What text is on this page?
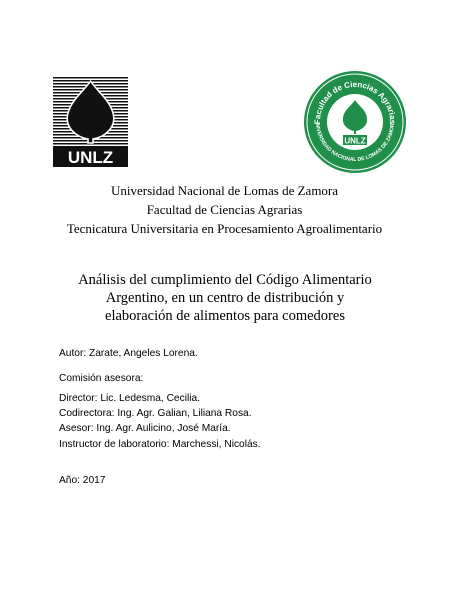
UNLZ
Facultad de Ciencias Agrarias
NIVERSIDAD NACIONAL DE LOMAS DE ZAMOR
UNLZ
Universidad Nacional de Lomas de Zamora
Facultad de Ciencias Agrarias
Tecnicatura Universitaria en Procesamiento Agroalimentario
Análisis del cumplimiento del Código Alimentario
Argentino, en un centro de distribución y
elaboración de alimentos para comedores
Autor: Zarate, Angeles Lorena.
Comisión asesora:
Director: Lic. Ledesma, Cecilia.
Codirectora: Ing. Agr. Galian, Liliana Rosa.
Asesor: Ing. Agr. Aulicino, José María.
Instructor de laboratorio: Marchessi, Nicolás.
Año: 2017
